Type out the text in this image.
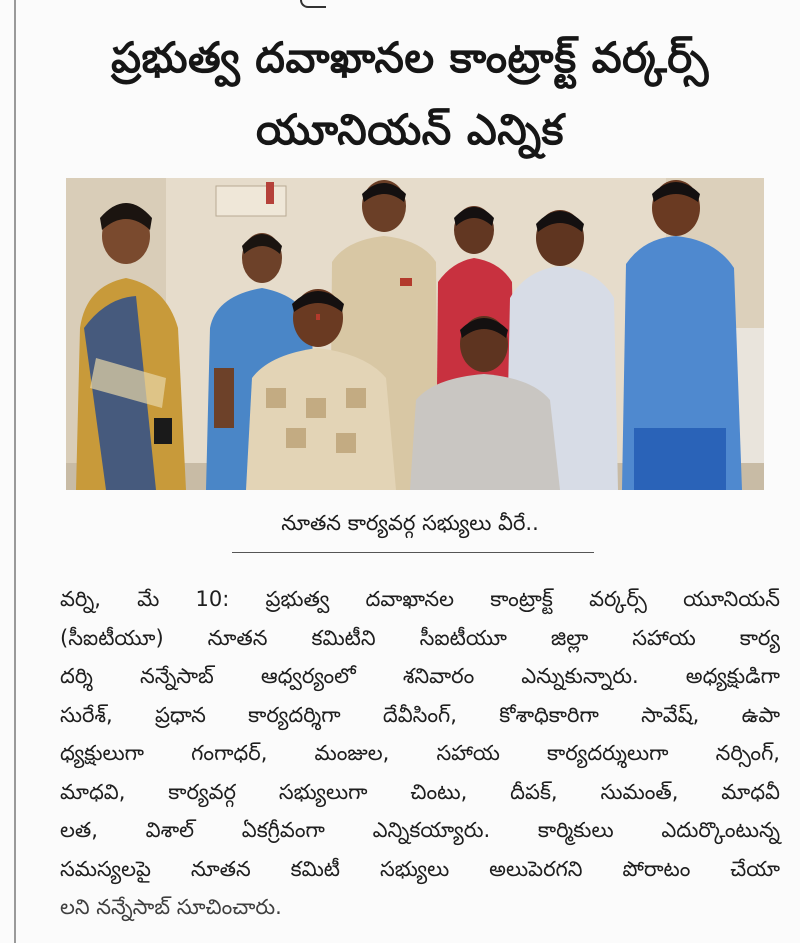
ప్రభుత్వ దవాఖానల కాంట్రాక్ట్ వర్కర్స్
యూనియన్ ఎన్నిక
నూతన కార్యవర్గ సభ్యులు వీరే..
వర్ని, మే 10: ప్రభుత్వ దవాఖానల కాంట్రాక్ట్ వర్కర్స్ యూనియన్
(సీఐటీయూ) నూతన కమిటీని సీఐటీయూ జిల్లా సహాయ కార్య
దర్శి నన్నేసాబ్ ఆధ్వర్యంలో శనివారం ఎన్నుకున్నారు. అధ్యక్షుడిగా
సురేశ్, ప్రధాన కార్యదర్శిగా దేవీసింగ్, కోశాధికారిగా సావేష్, ఉపా
ధ్యక్షులుగా గంగాధర్, మంజుల, సహాయ కార్యదర్శులుగా నర్సింగ్,
మాధవి, కార్యవర్గ సభ్యులుగా చింటు, దీపక్, సుమంత్, మాధవీ
లత, విశాల్ ఏకగ్రీవంగా ఎన్నికయ్యారు. కార్మికులు ఎదుర్కొంటున్న
సమస్యలపై నూతన కమిటీ సభ్యులు అలుపెరగని పోరాటం చేయా
లని నన్నేసాబ్ సూచించారు.
